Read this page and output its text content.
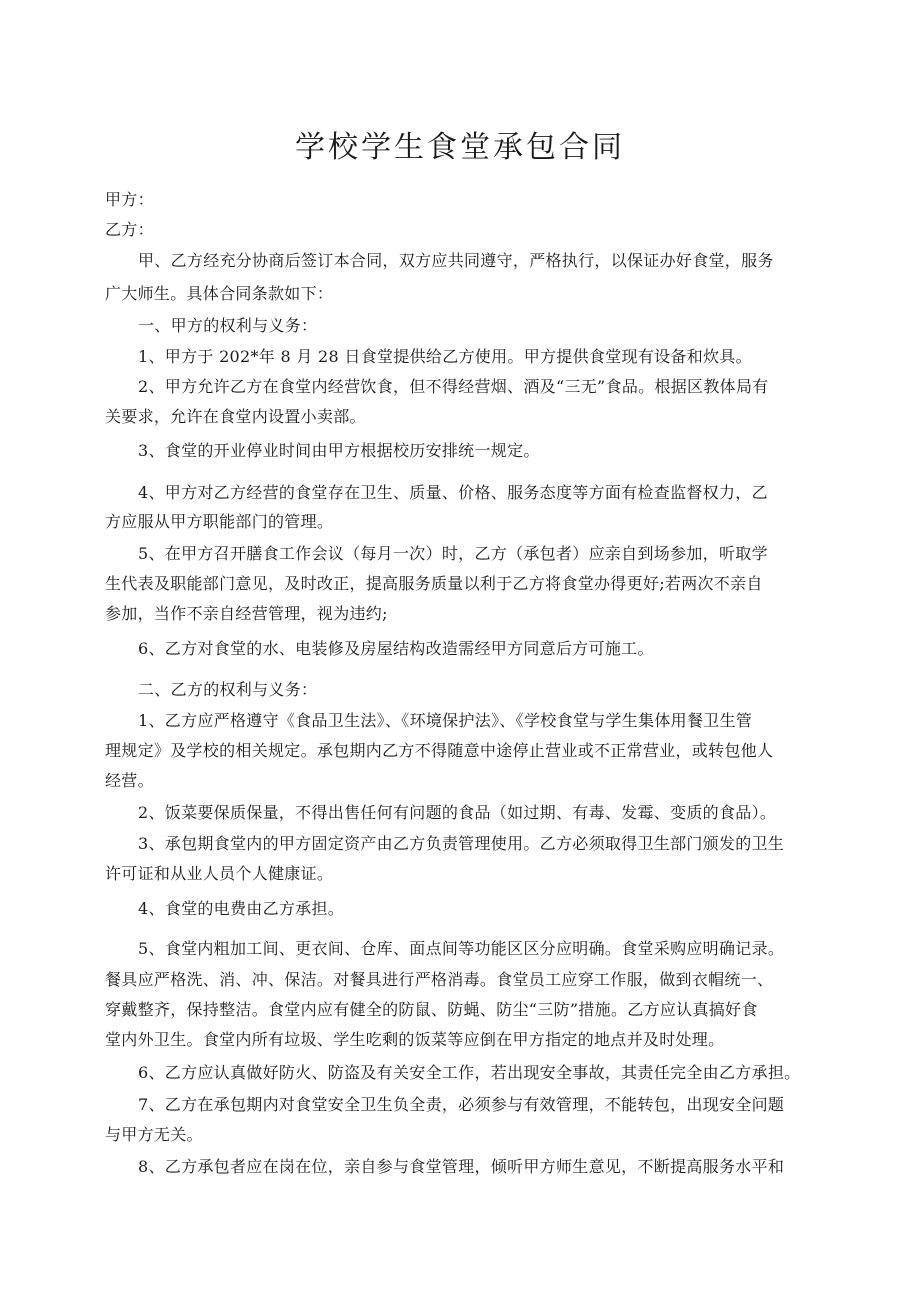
学校学生食堂承包合同
甲方：
乙方：
甲、乙方经充分协商后签订本合同，双方应共同遵守，严格执行，以保证办好食堂，服务
广大师生。具体合同条款如下：
一、甲方的权利与义务：
1、甲方于 202*年 8 月 28 日食堂提供给乙方使用。甲方提供食堂现有设备和炊具。
2、甲方允许乙方在食堂内经营饮食，但不得经营烟、酒及“三无”食品。根据区教体局有
关要求，允许在食堂内设置小卖部。
3、食堂的开业停业时间由甲方根据校历安排统一规定。
4、甲方对乙方经营的食堂存在卫生、质量、价格、服务态度等方面有检查监督权力，乙
方应服从甲方职能部门的管理。
5、在甲方召开膳食工作会议（每月一次）时，乙方（承包者）应亲自到场参加，听取学
生代表及职能部门意见，及时改正，提高服务质量以利于乙方将食堂办得更好;若两次不亲自
参加，当作不亲自经营管理，视为违约;
6、乙方对食堂的水、电装修及房屋结构改造需经甲方同意后方可施工。
二、乙方的权利与义务：
1、乙方应严格遵守《食品卫生法》、《环境保护法》、《学校食堂与学生集体用餐卫生管
理规定》及学校的相关规定。承包期内乙方不得随意中途停止营业或不正常营业，或转包他人
经营。
2、饭菜要保质保量，不得出售任何有问题的食品（如过期、有毒、发霉、变质的食品）。
3、承包期食堂内的甲方固定资产由乙方负责管理使用。乙方必须取得卫生部门颁发的卫生
许可证和从业人员个人健康证。
4、食堂的电费由乙方承担。
5、食堂内粗加工间、更衣间、仓库、面点间等功能区区分应明确。食堂采购应明确记录。
餐具应严格洗、消、冲、保洁。对餐具进行严格消毒。食堂员工应穿工作服，做到衣帽统一、
穿戴整齐，保持整洁。食堂内应有健全的防鼠、防蝇、防尘“三防”措施。乙方应认真搞好食
堂内外卫生。食堂内所有垃圾、学生吃剩的饭菜等应倒在甲方指定的地点并及时处理。
6、乙方应认真做好防火、防盗及有关安全工作，若出现安全事故，其责任完全由乙方承担。
7、乙方在承包期内对食堂安全卫生负全责，必须参与有效管理，不能转包，出现安全问题
与甲方无关。
8、乙方承包者应在岗在位，亲自参与食堂管理，倾听甲方师生意见，不断提高服务水平和
